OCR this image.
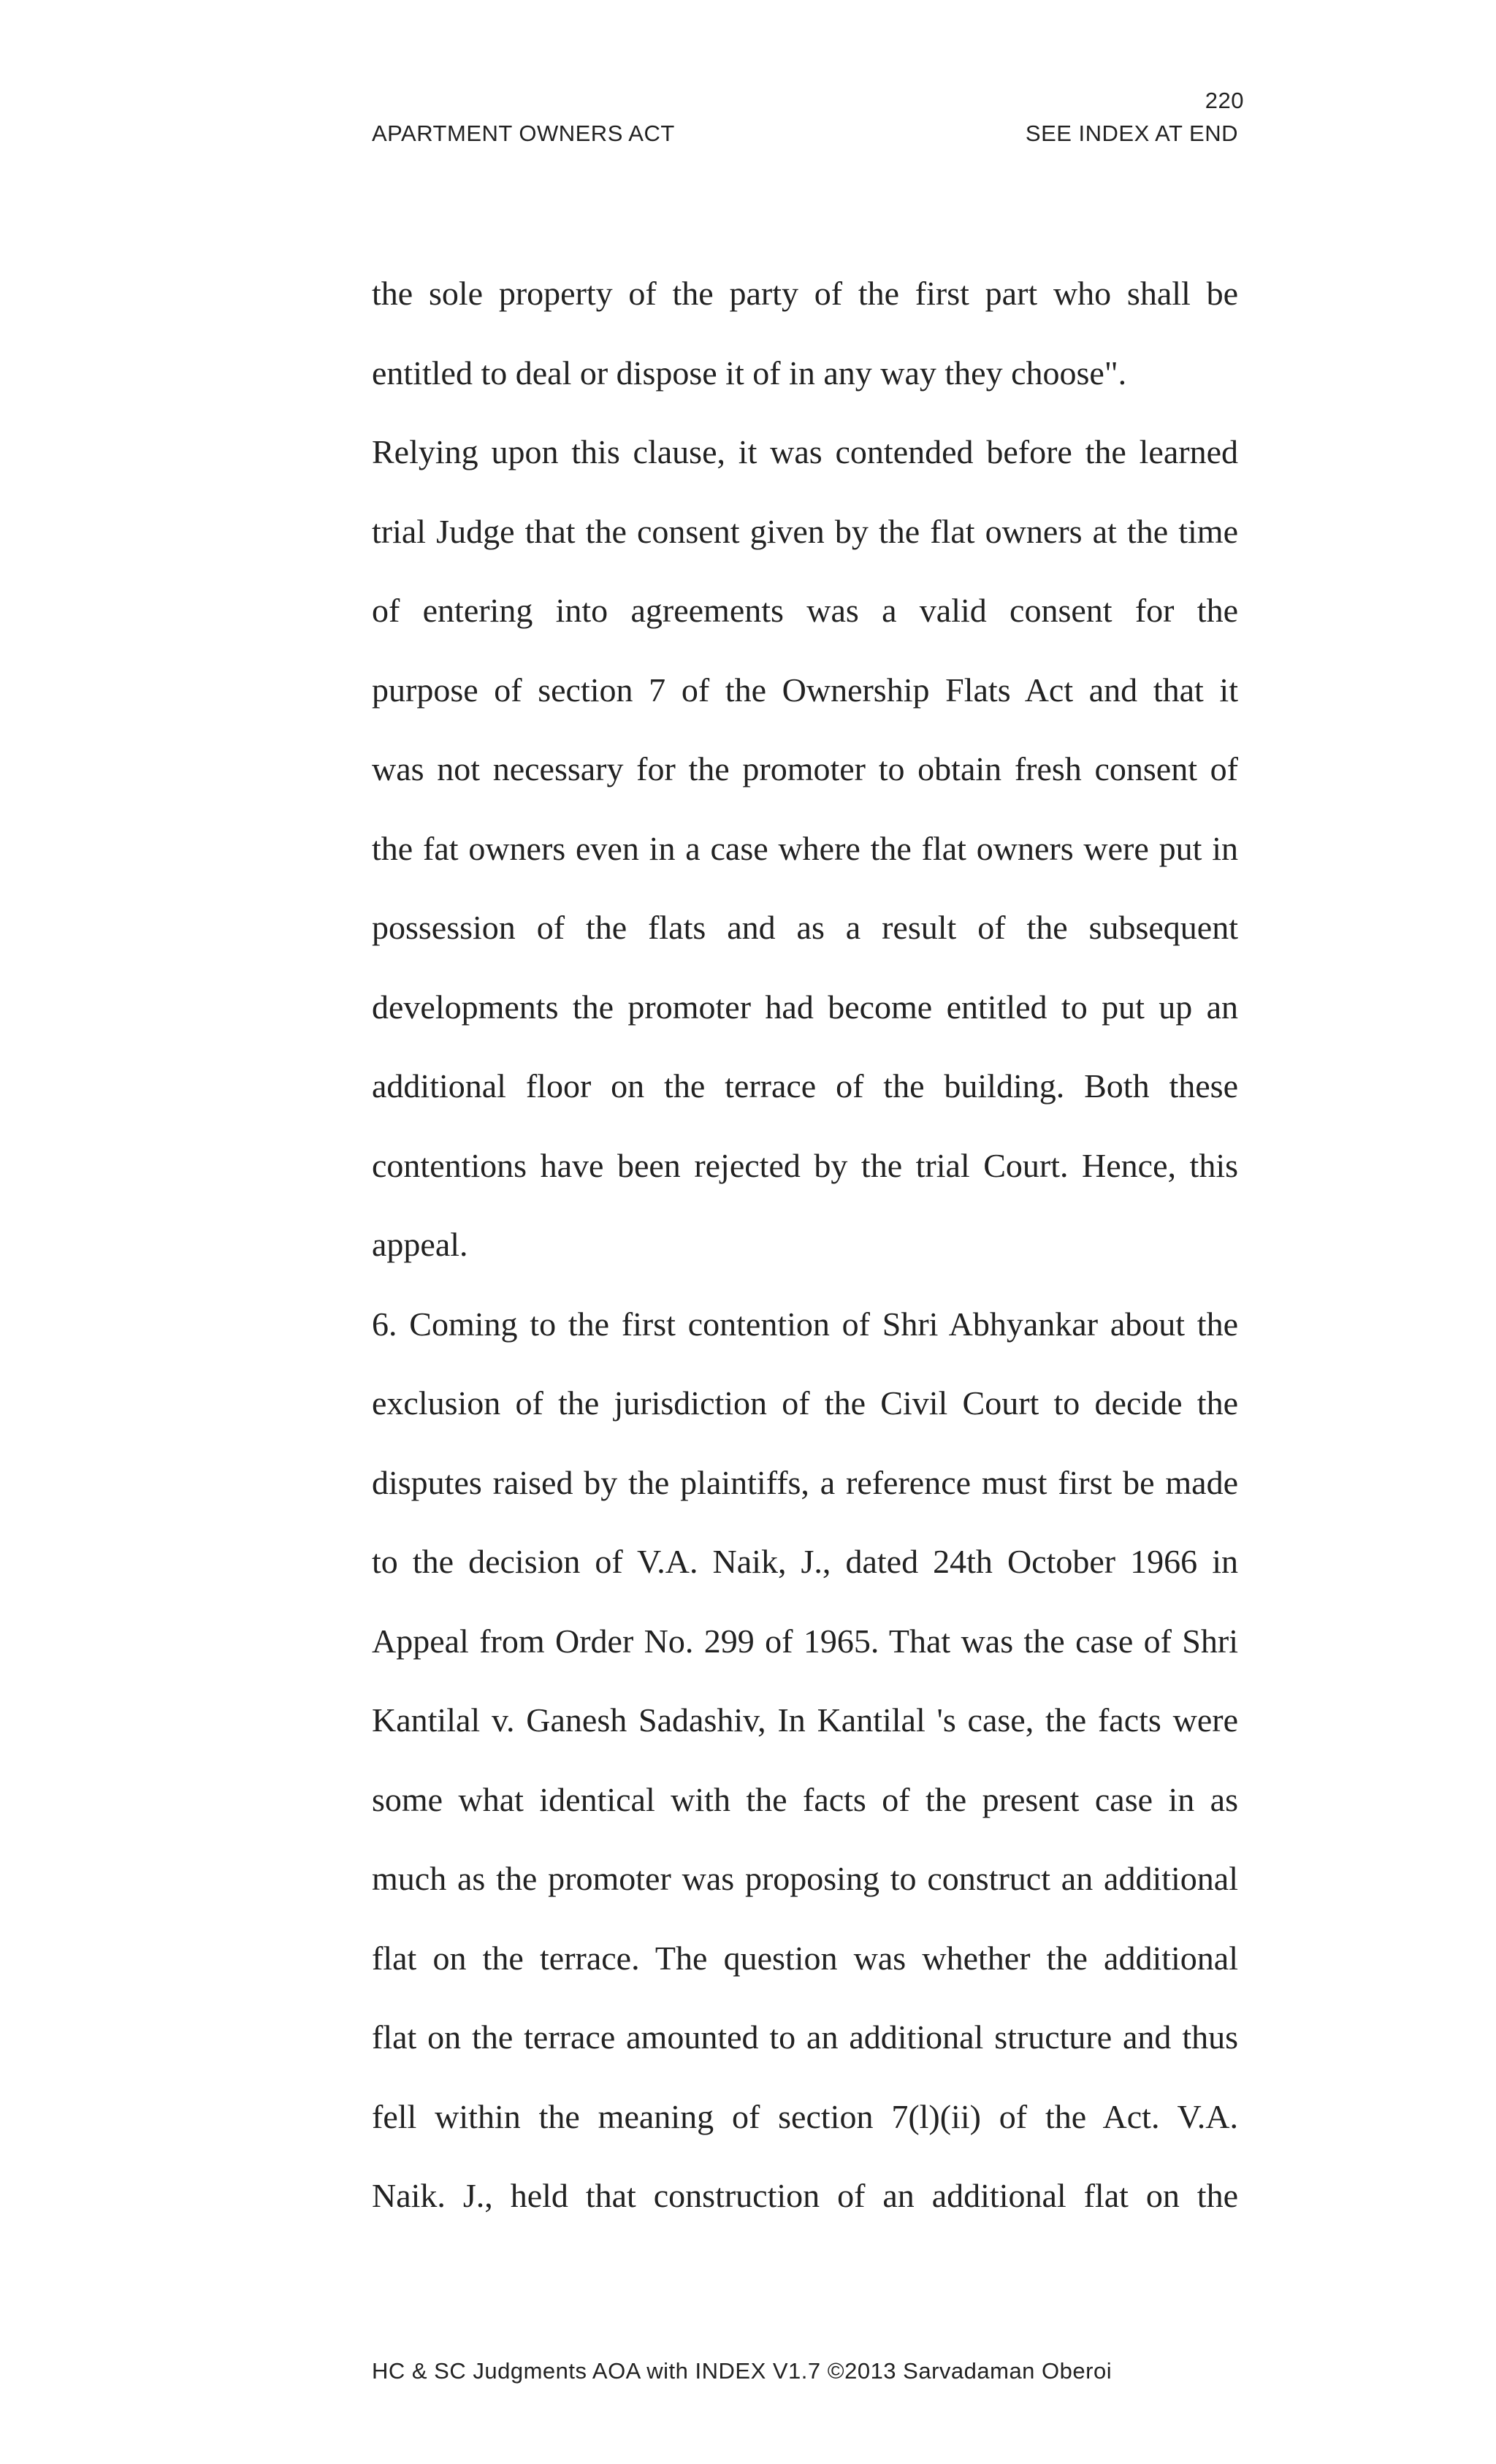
220
APARTMENT OWNERS ACT	SEE INDEX AT END
the sole property of the party of the first part who shall be
entitled to deal or dispose it of in any way they choose".
Relying upon this clause, it was contended before the learned
trial Judge that the consent given by the flat owners at the time
of entering into agreements was a valid consent for the
purpose of section 7 of the Ownership Flats Act and that it
was not necessary for the promoter to obtain fresh consent of
the fat owners even in a case where the flat owners were put in
possession of the flats and as a result of the subsequent
developments the promoter had become entitled to put up an
additional floor on the terrace of the building. Both these
contentions have been rejected by the trial Court. Hence, this
appeal.
6. Coming to the first contention of Shri Abhyankar about the
exclusion of the jurisdiction of the Civil Court to decide the
disputes raised by the plaintiffs, a reference must first be made
to the decision of V.A. Naik, J., dated 24th October 1966 in
Appeal from Order No. 299 of 1965. That was the case of Shri
Kantilal v. Ganesh Sadashiv, In Kantilal 's case, the facts were
some what identical with the facts of the present case in as
much as the promoter was proposing to construct an additional
flat on the terrace. The question was whether the additional
flat on the terrace amounted to an additional structure and thus
fell within the meaning of section 7(l)(ii) of the Act. V.A.
Naik. J., held that construction of an additional flat on the
HC & SC Judgments AOA with INDEX V1.7 ©2013 Sarvadaman Oberoi
